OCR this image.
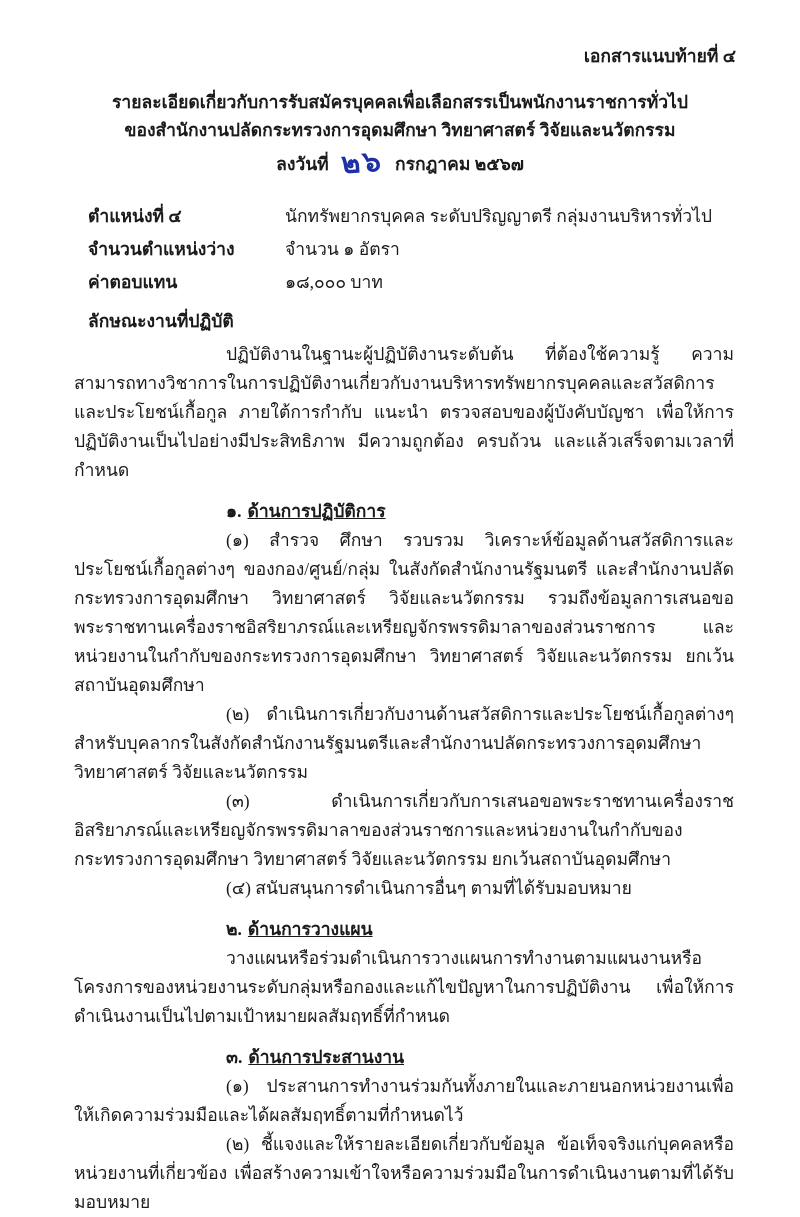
เอกสารแนบท้ายที่ ๔
รายละเอียดเกี่ยวกับการรับสมัครบุคคลเพื่อเลือกสรรเป็นพนักงานราชการทั่วไป
ของสำนักงานปลัดกระทรวงการอุดมศึกษา วิทยาศาสตร์ วิจัยและนวัตกรรม
ลงวันที่ ๒๖ กรกฎาคม ๒๕๖๗
ตำแหน่งที่ ๔	นักทรัพยากรบุคคล ระดับปริญญาตรี กลุ่มงานบริหารทั่วไป
จำนวนตำแหน่งว่าง	จำนวน ๑ อัตรา
ค่าตอบแทน	๑๘,๐๐๐ บาท
ลักษณะงานที่ปฏิบัติ

ปฏิบัติงานในฐานะผู้ปฏิบัติงานระดับต้น ที่ต้องใช้ความรู้ ความสามารถทางวิชาการในการปฏิบัติงานเกี่ยวกับงานบริหารทรัพยากรบุคคลและสวัสดิการและประโยชน์เกื้อกูล ภายใต้การกำกับ แนะนำ ตรวจสอบของผู้บังคับบัญชา เพื่อให้การปฏิบัติงานเป็นไปอย่างมีประสิทธิภาพ มีความถูกต้อง ครบถ้วน และแล้วเสร็จตามเวลาที่กำหนด

๑. ด้านการปฏิบัติการ

(๑) สำรวจ ศึกษา รวบรวม วิเคราะห์ข้อมูลด้านสวัสดิการและประโยชน์เกื้อกูลต่างๆ ของกอง/ศูนย์/กลุ่ม ในสังกัดสำนักงานรัฐมนตรี และสำนักงานปลัดกระทรวงการอุดมศึกษา วิทยาศาสตร์ วิจัยและนวัตกรรม รวมถึงข้อมูลการเสนอขอพระราชทานเครื่องราชอิสริยาภรณ์และเหรียญจักรพรรดิมาลาของส่วนราชการ และหน่วยงานในกำกับของกระทรวงการอุดมศึกษา วิทยาศาสตร์ วิจัยและนวัตกรรม ยกเว้นสถาบันอุดมศึกษา

(๒) ดำเนินการเกี่ยวกับงานด้านสวัสดิการและประโยชน์เกื้อกูลต่างๆ สำหรับบุคลากรในสังกัดสำนักงานรัฐมนตรีและสำนักงานปลัดกระทรวงการอุดมศึกษา วิทยาศาสตร์ วิจัยและนวัตกรรม

(๓) ดำเนินการเกี่ยวกับการเสนอขอพระราชทานเครื่องราชอิสริยาภรณ์และเหรียญจักรพรรดิมาลาของส่วนราชการและหน่วยงานในกำกับของกระทรวงการอุดมศึกษา วิทยาศาสตร์ วิจัยและนวัตกรรม ยกเว้นสถาบันอุดมศึกษา

(๔) สนับสนุนการดำเนินการอื่นๆ ตามที่ได้รับมอบหมาย

๒. ด้านการวางแผน

วางแผนหรือร่วมดำเนินการวางแผนการทำงานตามแผนงานหรือโครงการของหน่วยงานระดับกลุ่มหรือกองและแก้ไขปัญหาในการปฏิบัติงาน เพื่อให้การดำเนินงานเป็นไปตามเป้าหมายผลสัมฤทธิ์ที่กำหนด

๓. ด้านการประสานงาน

(๑) ประสานการทำงานร่วมกันทั้งภายในและภายนอกหน่วยงานเพื่อให้เกิดความร่วมมือและได้ผลสัมฤทธิ์ตามที่กำหนดไว้

(๒) ชี้แจงและให้รายละเอียดเกี่ยวกับข้อมูล ข้อเท็จจริงแก่บุคคลหรือหน่วยงานที่เกี่ยวข้อง เพื่อสร้างความเข้าใจหรือความร่วมมือในการดำเนินงานตามที่ได้รับมอบหมาย
